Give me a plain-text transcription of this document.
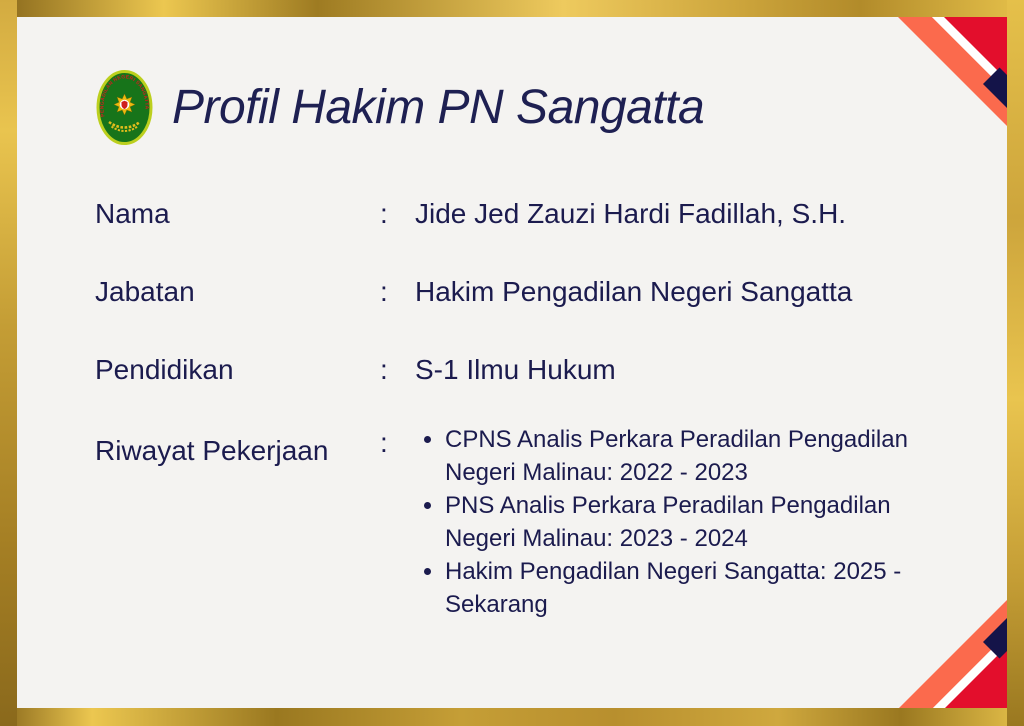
PENGADILAN NEGERI SANGATTA Profil Hakim PN Sangatta
Nama	: Jide Jed Zauzi Hardi Fadillah, S.H.
Jabatan	: Hakim Pengadilan Negeri Sangatta
Pendidikan	: S-1 Ilmu Hukum
Riwayat Pekerjaan	:	• CPNS Analis Perkara Peradilan Pengadilan Negeri Malinau: 2022 - 2023
• PNS Analis Perkara Peradilan Pengadilan Negeri Malinau: 2023 - 2024
• Hakim Pengadilan Negeri Sangatta: 2025 - Sekarang
